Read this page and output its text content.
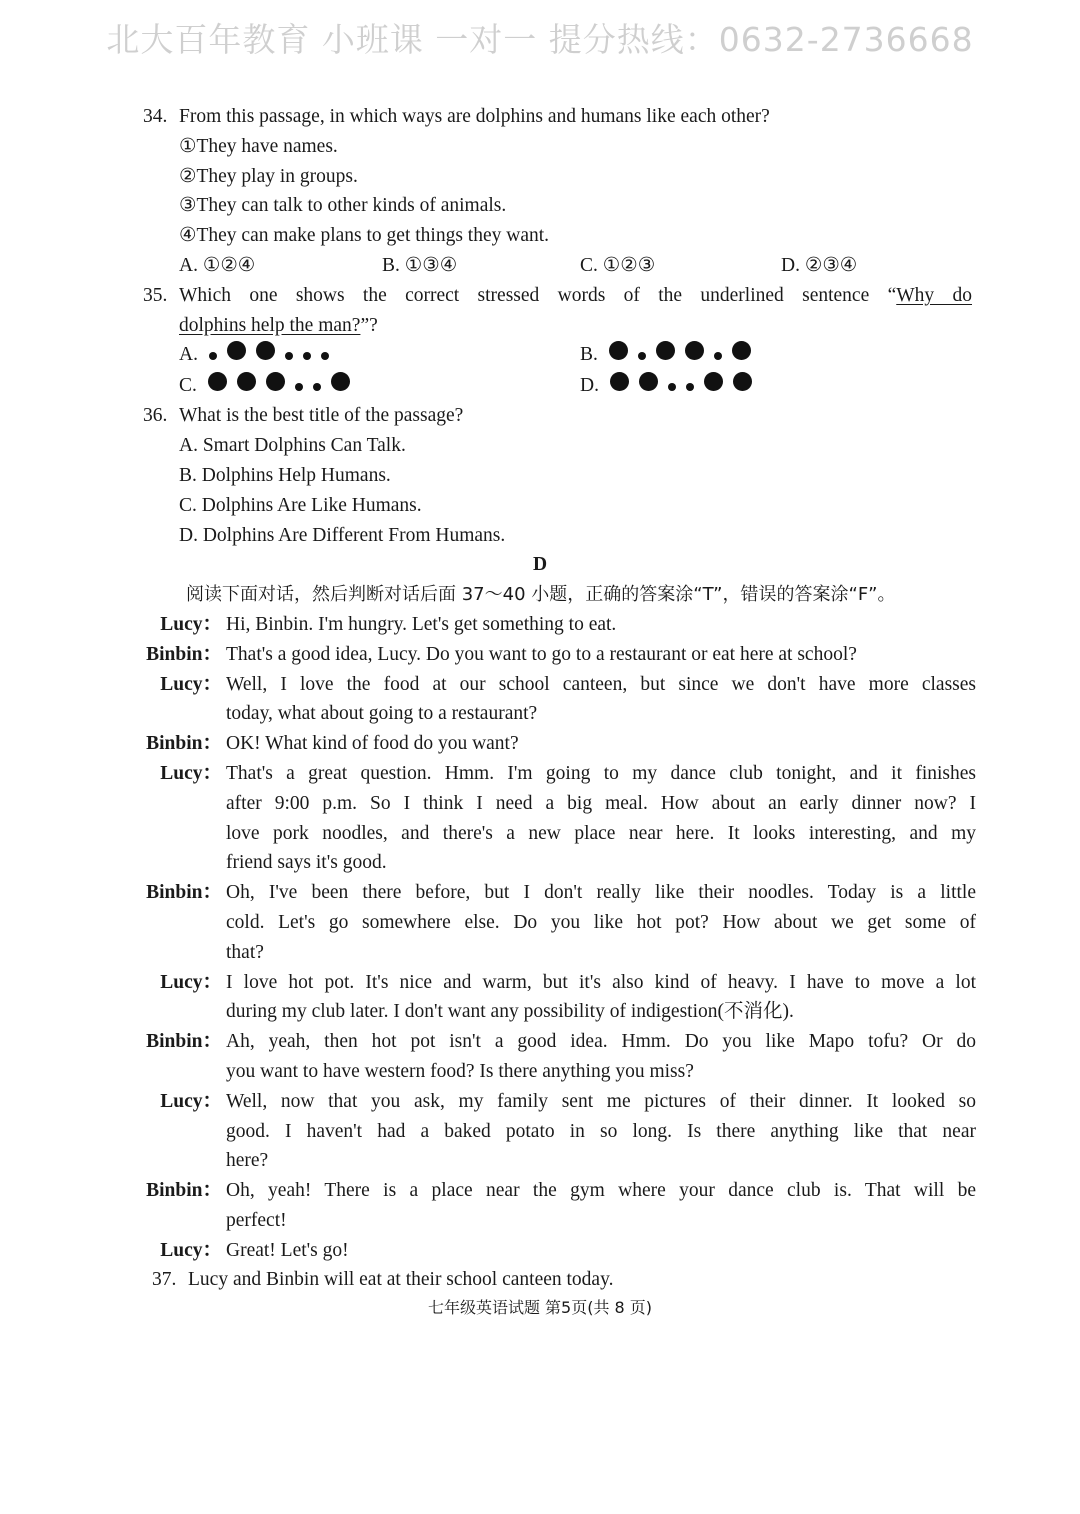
北大百年教育 小班课 一对一 提分热线：0632-2736668
34. From this passage, in which ways are dolphins and humans like each other?
①They have names.
②They play in groups.
③They can talk to other kinds of animals.
④They can make plans to get things they want.
A. ①②④	B. ①③④	C. ①②③	D. ②③④
35. Which one shows the correct stressed words of the underlined sentence “Why do
dolphins help the man?”?
A.	B.
C.	D.
36. What is the best title of the passage?
A. Smart Dolphins Can Talk.
B. Dolphins Help Humans.
C. Dolphins Are Like Humans.
D. Dolphins Are Different From Humans.
D
阅读下面对话，然后判断对话后面 37～40 小题，正确的答案涂“T”，错误的答案涂“F”。
Lucy： Hi, Binbin. I'm hungry. Let's get something to eat.
Binbin： That's a good idea, Lucy. Do you want to go to a restaurant or eat here at school?
Lucy： Well, I love the food at our school canteen, but since we don't have more classes
today, what about going to a restaurant?
Binbin： OK! What kind of food do you want?
Lucy： That's a great question. Hmm. I'm going to my dance club tonight, and it finishes
after 9:00 p.m. So I think I need a big meal. How about an early dinner now? I
love pork noodles, and there's a new place near here. It looks interesting, and my
friend says it's good.
Binbin： Oh, I've been there before, but I don't really like their noodles. Today is a little
cold. Let's go somewhere else. Do you like hot pot? How about we get some of
that?
Lucy： I love hot pot. It's nice and warm, but it's also kind of heavy. I have to move a lot
during my club later. I don't want any possibility of indigestion(不消化).
Binbin： Ah, yeah, then hot pot isn't a good idea. Hmm. Do you like Mapo tofu? Or do
you want to have western food? Is there anything you miss?
Lucy： Well, now that you ask, my family sent me pictures of their dinner. It looked so
good. I haven't had a baked potato in so long. Is there anything like that near
here?
Binbin： Oh, yeah! There is a place near the gym where your dance club is. That will be
perfect!
Lucy： Great! Let's go!
37. Lucy and Binbin will eat at their school canteen today.
七年级英语试题 第5页(共 8 页)
